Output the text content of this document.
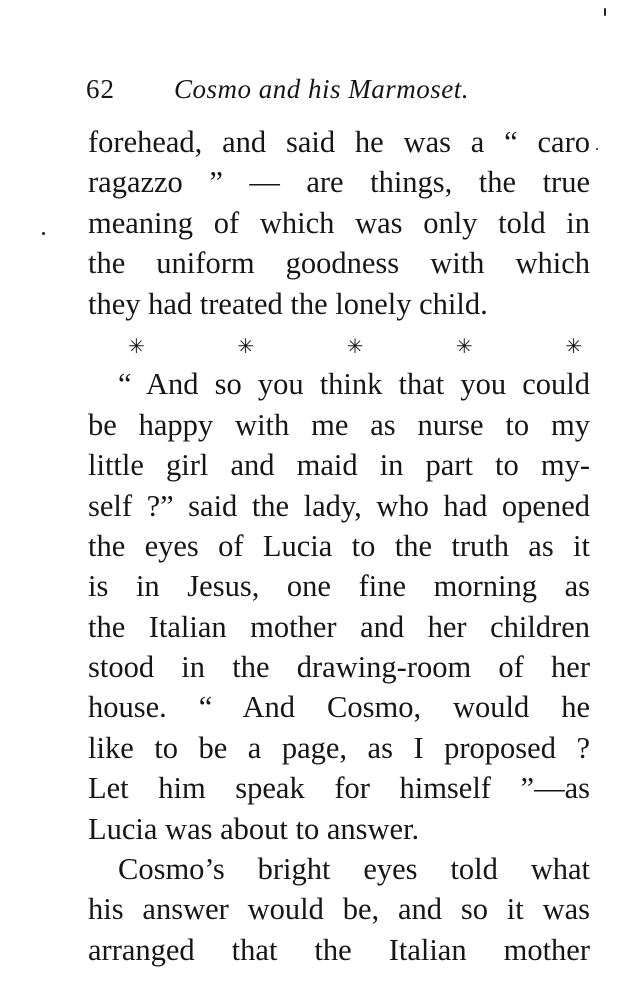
62 Cosmo and his Marmoset.
forehead, and said he was a “ caro
ragazzo ” — are things, the true
meaning of which was only told in
the uniform goodness with which
they had treated the lonely child.
✳	✳	✳	✳	✳
“ And so you think that you could
be happy with me as nurse to my
little girl and maid in part to my-
self ?” said the lady, who had opened
the eyes of Lucia to the truth as it
is in Jesus, one fine morning as
the Italian mother and her children
stood in the drawing-room of her
house. “ And Cosmo, would he
like to be a page, as I proposed ?
Let him speak for himself ”—as
Lucia was about to answer.
Cosmo’s bright eyes told what
his answer would be, and so it was
arranged that the Italian mother
